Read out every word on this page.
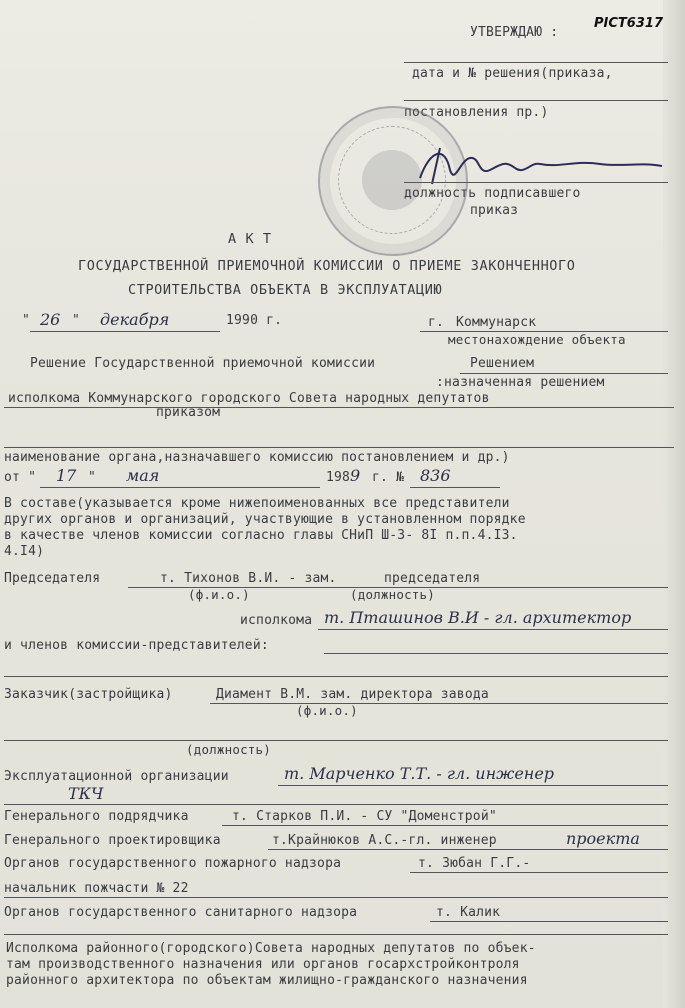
PICT6317
УТВЕРЖДАЮ :
дата и № решения(приказа,
постановления пр.)
должность подписавшего
приказ
А К Т
ГОСУДАРСТВЕННОЙ ПРИЕМОЧНОЙ КОМИССИИ О ПРИЕМЕ ЗАКОНЧЕННОГО
СТРОИТЕЛЬСТВА ОБЪЕКТА В ЭКСПЛУАТАЦИЮ
" 26 " декабря	1990 г.	г. Коммунарск
местонахождение объекта
Решение Государственной приемочной комиссии	Решением
:назначенная решением
исполкома Коммунарского городского Совета народных депутатов
приказом
наименование органа,назначавшего комиссию постановлением и др.)
от " 17 " мая	198 9 г. № 836
В составе(указывается кроме нижепоименованных все представители
других органов и организаций, участвующие в установленном порядке
в качестве членов комиссии согласно главы СНиП Ш-3- 8I п.п.4.I3.
4.I4)
Председателя	т. Тихонов В.И. - зам.	председателя
(ф.и.о.)	(должность)
исполкома т. Пташинов В.И - гл. архитектор
и членов комиссии-представителей:
Заказчик(застройщика)	Диамент В.М. зам. директора завода
(ф.и.о.)
(должность)
Эксплуатационной организации	т. Марченко Т.Т. - гл. инженер
ТКЧ
Генерального подрядчика	т. Старков П.И. - СУ "Доменстрой"
Генерального проектировщика	т.Крайнюков А.С.-гл. инженер	проекта
Органов государственного пожарного надзора	т. Зюбан Г.Г.-
начальник пожчасти № 22
Органов государственного санитарного надзора	т. Калик
Исполкома районного(городского)Совета народных депутатов по объек-
там производственного назначения или органов госархстройконтроля
районного архитектора по объектам жилищно-гражданского назначения
